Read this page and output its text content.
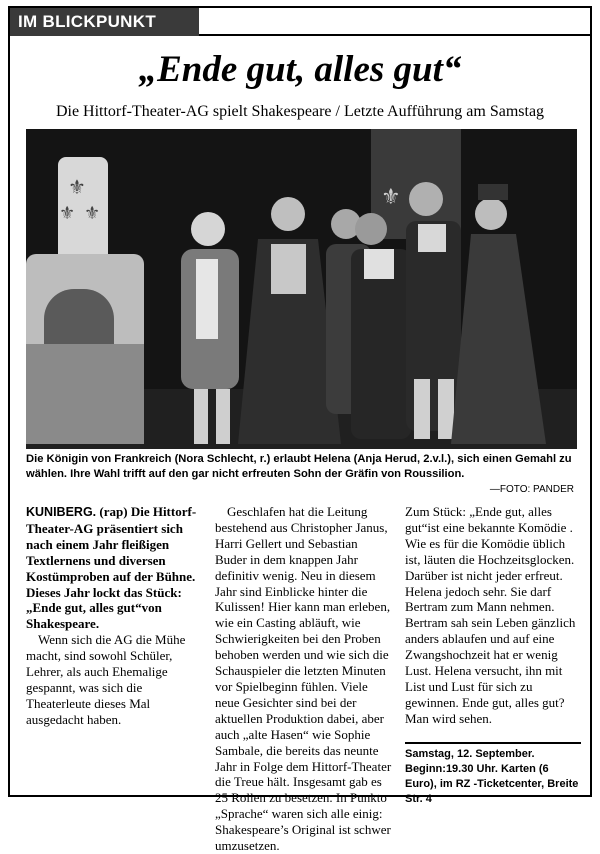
IM BLICKPUNKT
„Ende gut, alles gut“
Die Hittorf-Theater-AG spielt Shakespeare / Letzte Aufführung am Samstag
⚜
⚜ ⚜
⚜
Die Königin von Frankreich (Nora Schlecht, r.) erlaubt Helena (Anja Herud, 2.v.l.), sich einen Gemahl zu wählen. Ihre Wahl trifft auf den gar nicht erfreuten Sohn der Gräfin von Roussilion.
—FOTO: PANDER

KUNIBERG. (rap) Die Hittorf-Theater-AG präsentiert sich nach einem Jahr fleißigen Textlernens und diversen Kostümproben auf der Bühne. Dieses Jahr lockt das Stück:„Ende gut, alles gut“von Shakespeare.

Wenn sich die AG die Mühe macht, sind sowohl Schüler, Lehrer, als auch Ehemalige gespannt, was sich die Theaterleute dieses Mal ausgedacht haben.

Geschlafen hat die Leitung bestehend aus Christopher Janus, Harri Gellert und Sebastian Buder in dem knappen Jahr definitiv wenig. Neu in diesem Jahr sind Einblicke hinter die Kulissen! Hier kann man erleben, wie ein Casting abläuft, wie Schwierigkeiten bei den Proben behoben werden und wie sich die Schauspieler die letzten Minuten vor Spielbeginn fühlen. Viele neue Gesichter sind bei der aktuellen Produktion dabei, aber auch „alte Hasen“ wie Sophie Sambale, die bereits das neunte Jahr in Folge dem Hittorf-Theater die Treue hält. Insgesamt gab es 25 Rollen zu besetzen. In Punkto „Sprache“ waren sich alle einig: Shakespeare’s Original ist schwer umzusetzen.

Zum Stück: „Ende gut, alles gut“ist eine bekannte Komödie . Wie es für die Komödie üblich ist, läuten die Hochzeitsglocken. Darüber ist nicht jeder erfreut. Helena jedoch sehr. Sie darf Bertram zum Mann nehmen. Bertram sah sein Leben gänzlich anders ablaufen und auf eine Zwangshochzeit hat er wenig Lust. Helena versucht, ihn mit List und Lust für sich zu gewinnen. Ende gut, alles gut? Man wird sehen.

Samstag, 12. September. Beginn:19.30 Uhr. Karten (6 Euro), im RZ -Ticketcenter, Breite Str. 4
